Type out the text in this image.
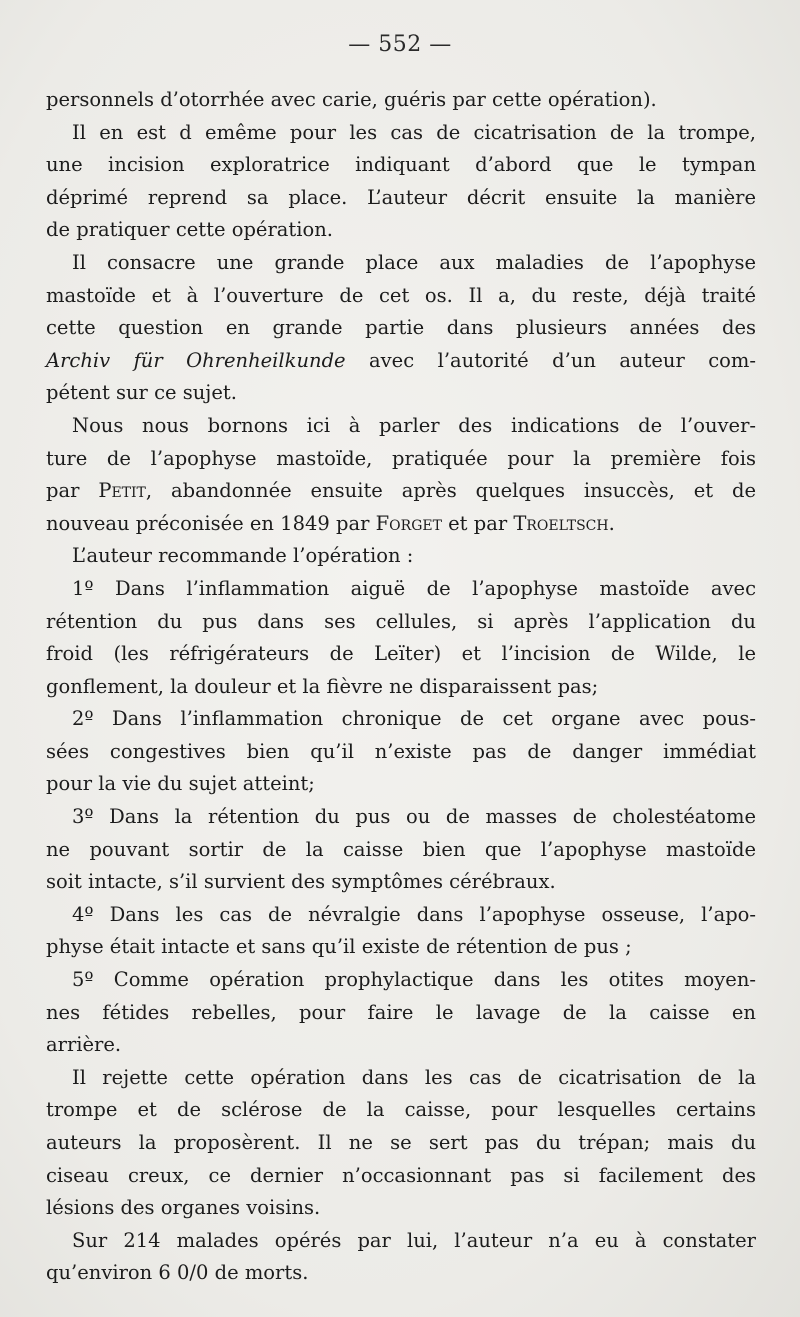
— 552 —
personnels d’otorrhée avec carie, guéris par cette opération).
Il en est d emême pour les cas de cicatrisation de la trompe,
une incision exploratrice indiquant d’abord que le tympan
déprimé reprend sa place. L’auteur décrit ensuite la manière
de pratiquer cette opération.
Il consacre une grande place aux maladies de l’apophyse
mastoïde et à l’ouverture de cet os. Il a, du reste, déjà traité
cette question en grande partie dans plusieurs années des
Archiv für Ohrenheilkunde avec l’autorité d’un auteur com-
pétent sur ce sujet.
Nous nous bornons ici à parler des indications de l’ouver-
ture de l’apophyse mastoïde, pratiquée pour la première fois
par Petit, abandonnée ensuite après quelques insuccès, et de
nouveau préconisée en 1849 par Forget et par Troeltsch.
L’auteur recommande l’opération :
1º Dans l’inflammation aiguë de l’apophyse mastoïde avec
rétention du pus dans ses cellules, si après l’application du
froid (les réfrigérateurs de Leïter) et l’incision de Wilde, le
gonflement, la douleur et la fièvre ne disparaissent pas;
2º Dans l’inflammation chronique de cet organe avec pous-
sées congestives bien qu’il n’existe pas de danger immédiat
pour la vie du sujet atteint;
3º Dans la rétention du pus ou de masses de cholestéatome
ne pouvant sortir de la caisse bien que l’apophyse mastoïde
soit intacte, s’il survient des symptômes cérébraux.
4º Dans les cas de névralgie dans l’apophyse osseuse, l’apo-
physe était intacte et sans qu’il existe de rétention de pus ;
5º Comme opération prophylactique dans les otites moyen-
nes fétides rebelles, pour faire le lavage de la caisse en
arrière.
Il rejette cette opération dans les cas de cicatrisation de la
trompe et de sclérose de la caisse, pour lesquelles certains
auteurs la proposèrent. Il ne se sert pas du trépan; mais du
ciseau creux, ce dernier n’occasionnant pas si facilement des
lésions des organes voisins.
Sur 214 malades opérés par lui, l’auteur n’a eu à constater
qu’environ 6 0/0 de morts.
